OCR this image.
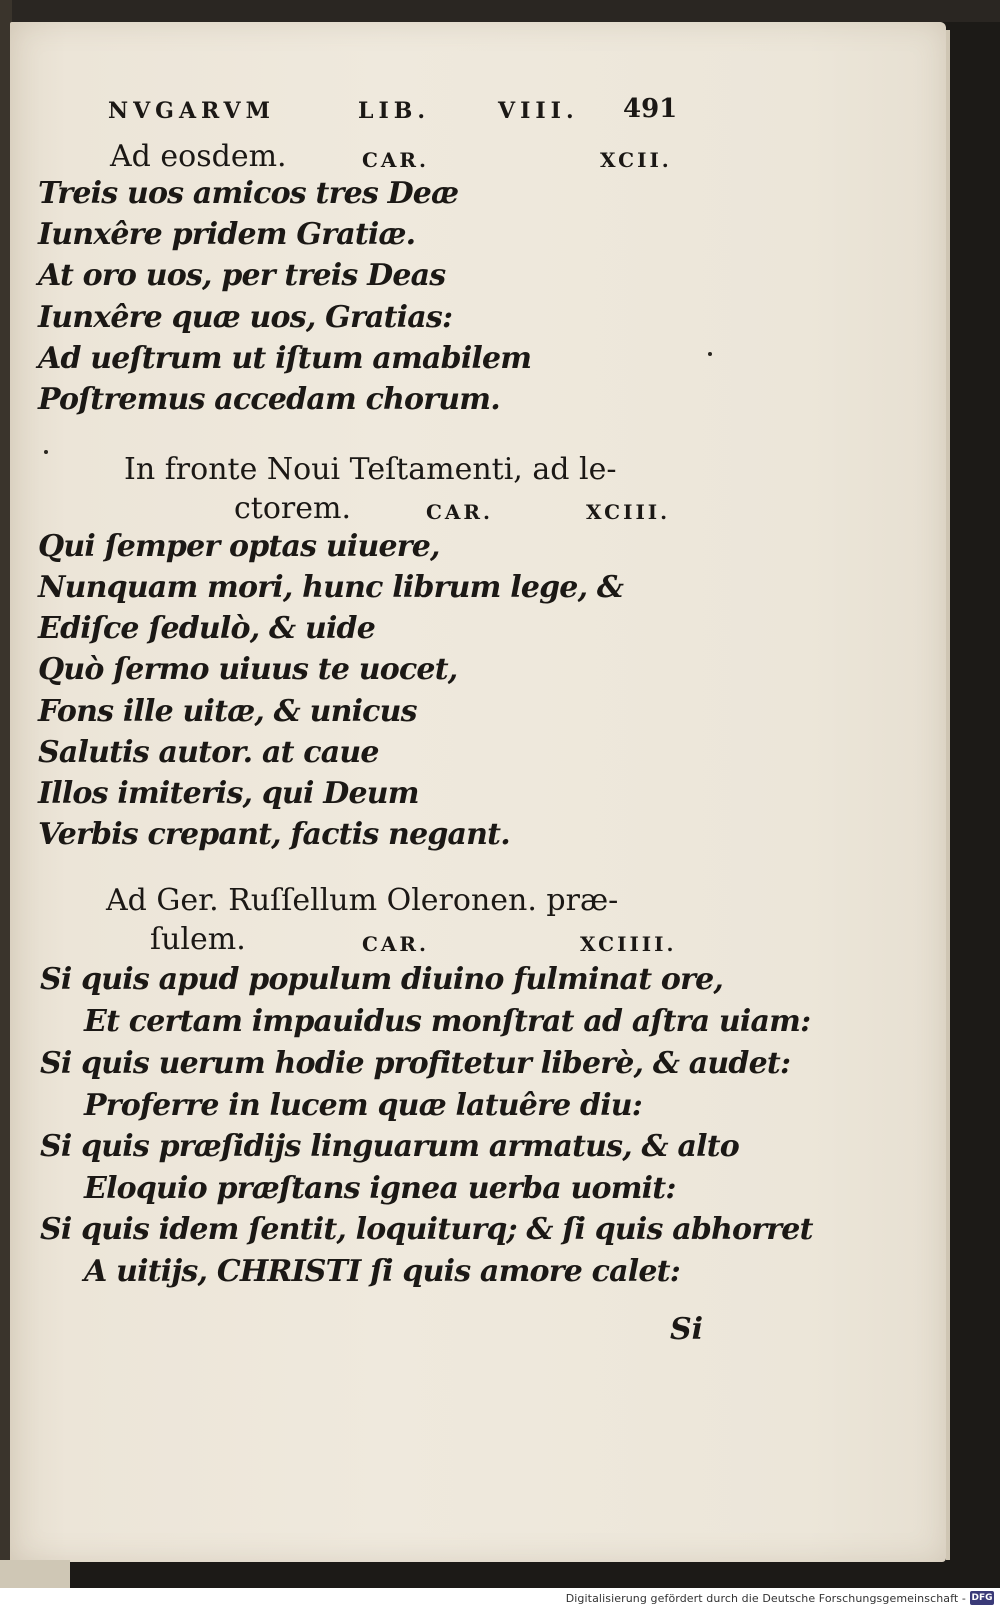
NVGARVM	LIB.	VIII. 491
Ad eosdem.	CAR.	XCII.
Treis uos amicos tres Deæ
Iunxêre pridem Gratiæ.
At oro uos, per treis Deas
Iunxêre quæ uos, Gratias:
Ad ueſtrum ut iſtum amabilem
Poſtremus accedam chorum.
In fronte Noui Teſtamenti, ad le-
ctorem.	CAR.	XCIII.
Qui ſemper optas uiuere,
Nunquam mori, hunc librum lege, &
Ediſce ſedulò, & uide
Quò ſermo uiuus te uocet,
Fons ille uitæ, & unicus
Salutis autor. at caue
Illos imiteris, qui Deum
Verbis crepant, factis negant.
Ad Ger. Ruſſellum Oleronen. præ-
ſulem.	CAR.	XCIIII.
Si quis apud populum diuino fulminat ore,
Et certam impauidus monſtrat ad aſtra uiam:
Si quis uerum hodie profitetur liberè, & audet:
Proferre in lucem quæ latuêre diu:
Si quis præſidijs linguarum armatus, & alto
Eloquio præſtans ignea uerba uomit:
Si quis idem ſentit, loquiturq; & ſi quis abhorret
A uitijs, CHRISTI ſi quis amore calet:
Si
Digitalisierung gefördert durch die Deutsche Forschungsgemeinschaft - DFG
